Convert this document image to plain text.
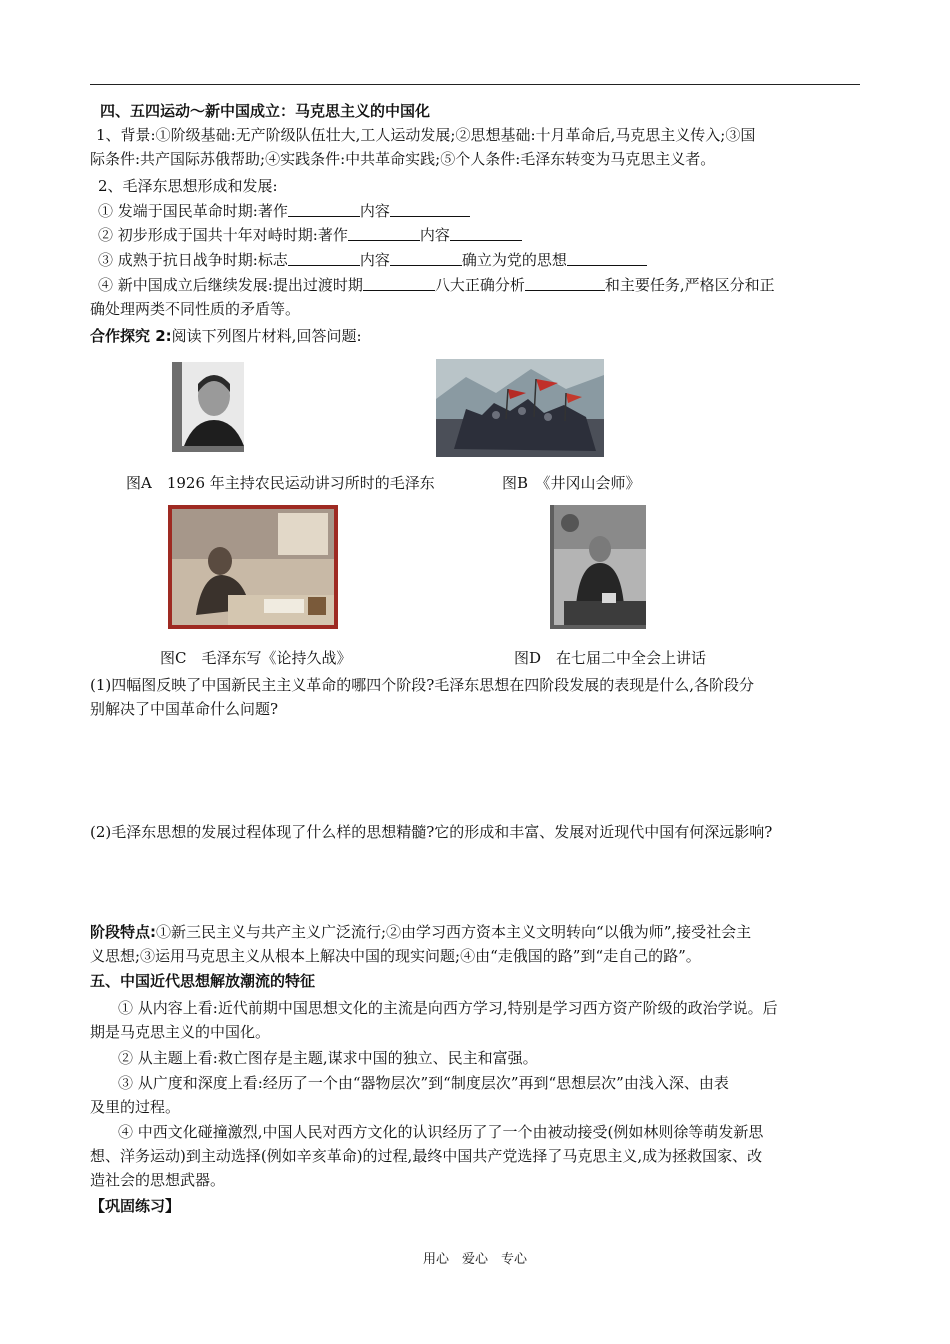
四、五四运动～新中国成立：马克思主义的中国化
1、背景:①阶级基础:无产阶级队伍壮大,工人运动发展;②思想基础:十月革命后,马克思主义传入;③国
际条件:共产国际苏俄帮助;④实践条件:中共革命实践;⑤个人条件:毛泽东转变为马克思主义者。
2、毛泽东思想形成和发展:
① 发端于国民革命时期:著作	内容
② 初步形成于国共十年对峙时期:著作	内容
③ 成熟于抗日战争时期:标志	内容	确立为党的思想
④ 新中国成立后继续发展:提出过渡时期	八大正确分析	和主要任务,严格区分和正
确处理两类不同性质的矛盾等。
合作探究 2:阅读下列图片材料,回答问题:
图A　1926 年主持农民运动讲习所时的毛泽东	图B　《井冈山会师》
图C　毛泽东写《论持久战》	图D　在七届二中全会上讲话
(1)四幅图反映了中国新民主主义革命的哪四个阶段?毛泽东思想在四阶段发展的表现是什么,各阶段分
别解决了中国革命什么问题?
(2)毛泽东思想的发展过程体现了什么样的思想精髓?它的形成和丰富、发展对近现代中国有何深远影响?
阶段特点:①新三民主义与共产主义广泛流行;②由学习西方资本主义文明转向“以俄为师”,接受社会主
义思想;③运用马克思主义从根本上解决中国的现实问题;④由“走俄国的路”到“走自己的路”。
五、中国近代思想解放潮流的特征
① 从内容上看:近代前期中国思想文化的主流是向西方学习,特别是学习西方资产阶级的政治学说。后
期是马克思主义的中国化。
② 从主题上看:救亡图存是主题,谋求中国的独立、民主和富强。
③ 从广度和深度上看:经历了一个由“器物层次”到“制度层次”再到“思想层次”由浅入深、由表
及里的过程。
④ 中西文化碰撞激烈,中国人民对西方文化的认识经历了了一个由被动接受(例如林则徐等萌发新思
想、洋务运动)到主动选择(例如辛亥革命)的过程,最终中国共产党选择了马克思主义,成为拯救国家、改
造社会的思想武器。
【巩固练习】
用心　爱心　专心
